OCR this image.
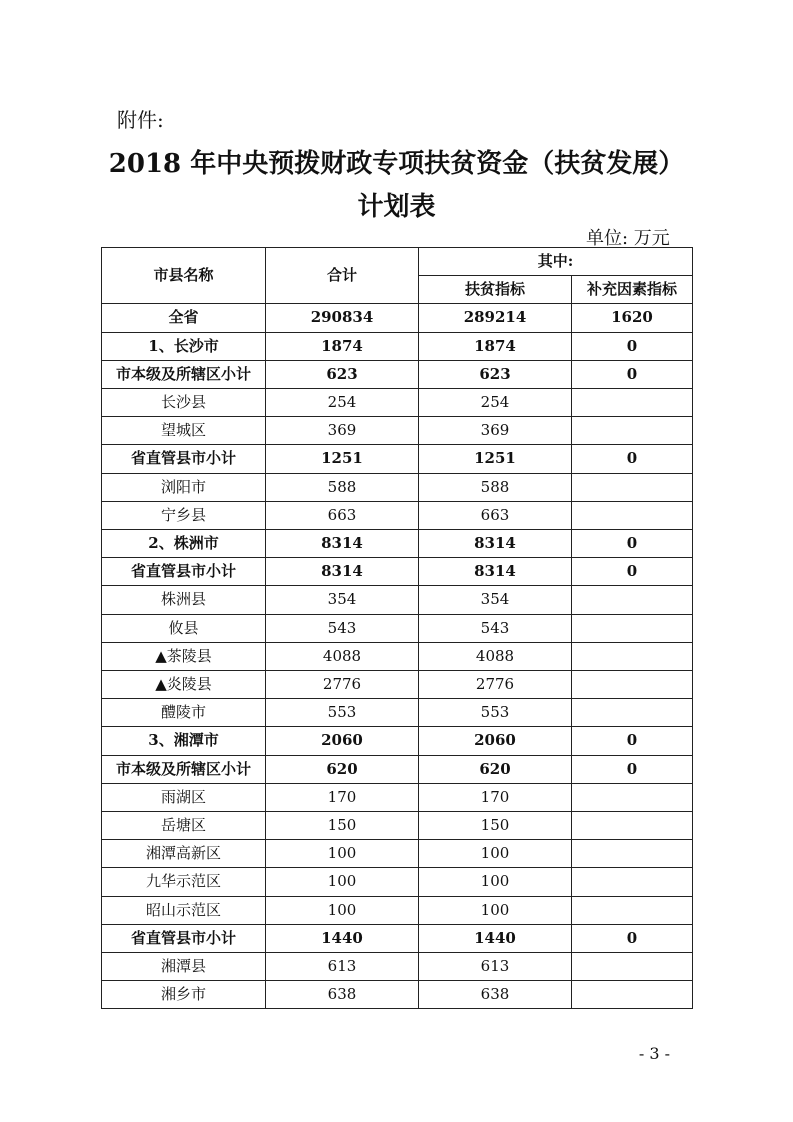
附件:
2018 年中央预拨财政专项扶贫资金（扶贫发展）
计划表
单位: 万元
市县名称	合计	其中:	
		扶贫指标	补充因素指标
全省	290834	289214	1620
1、长沙市	1874	1874	0
市本级及所辖区小计	623	623	0
长沙县	254	254	
望城区	369	369	
省直管县市小计	1251	1251	0
浏阳市	588	588	
宁乡县	663	663	
2、株洲市	8314	8314	0
省直管县市小计	8314	8314	0
株洲县	354	354	
攸县	543	543	
▲茶陵县	4088	4088	
▲炎陵县	2776	2776	
醴陵市	553	553	
3、湘潭市	2060	2060	0
市本级及所辖区小计	620	620	0
雨湖区	170	170	
岳塘区	150	150	
湘潭高新区	100	100	
九华示范区	100	100	
昭山示范区	100	100	
省直管县市小计	1440	1440	0
湘潭县	613	613	
湘乡市	638	638	
- 3 -
